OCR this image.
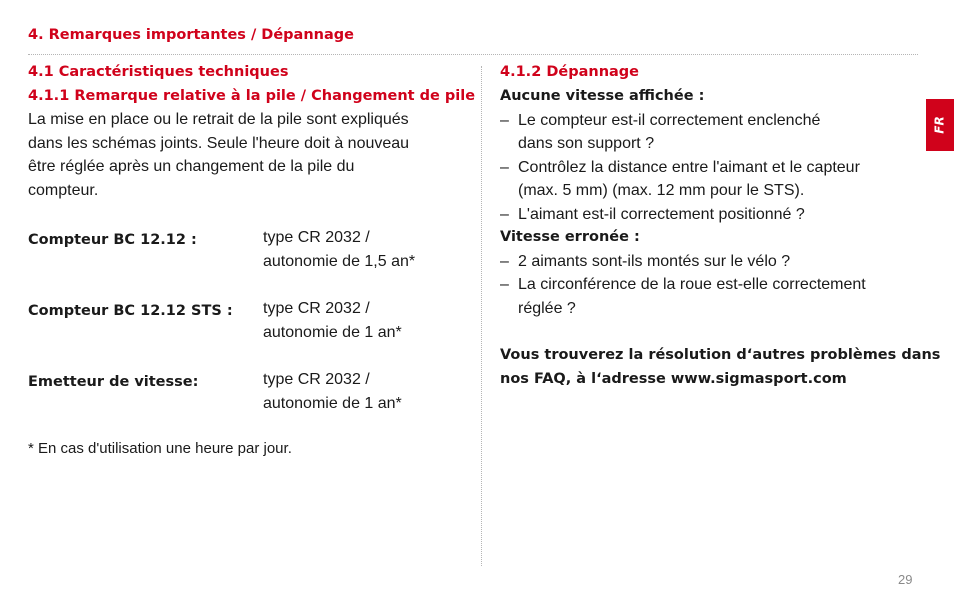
4. Remarques importantes / Dépannage
FR
4.1 Caractéristiques techniques
4.1.1 Remarque relative à la pile / Changement de pile
La mise en place ou le retrait de la pile sont expliqués
dans les schémas joints. Seule l'heure doit à nouveau
être réglée après un changement de la pile du
compteur.
Compteur BC 12.12 :	type CR 2032 /
autonomie de 1,5 an*
Compteur BC 12.12 STS : type CR 2032 /
autonomie de 1 an*
Emetteur de vitesse:	type CR 2032 /
autonomie de 1 an*
* En cas d'utilisation une heure par jour.
4.1.2 Dépannage
Aucune vitesse affichée :
– Le compteur est-il correctement enclenché
dans son support ?
– Contrôlez la distance entre l'aimant et le capteur
(max. 5 mm) (max. 12 mm pour le STS).
– L'aimant est-il correctement positionné ?
Vitesse erronée :
– 2 aimants sont-ils montés sur le vélo ?
– La circonférence de la roue est-elle correctement
réglée ?
Vous trouverez la résolution d‘autres problèmes dans
nos FAQ, à l‘adresse www.sigmasport.com
29
